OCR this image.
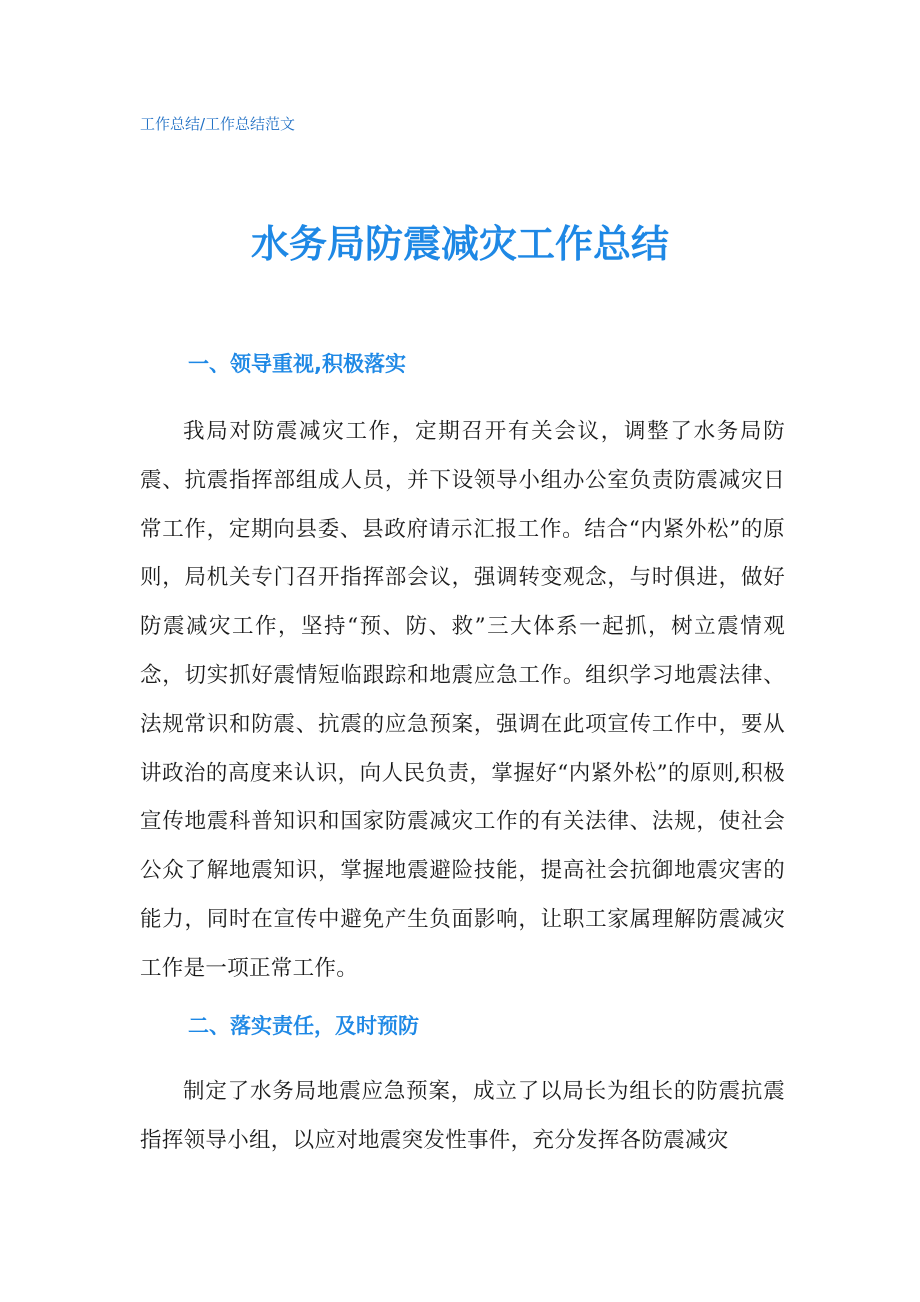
工作总结/工作总结范文
水务局防震减灾工作总结
一、领导重视,积极落实

我局对防震减灾工作，定期召开有关会议，调整了水务局防震、抗震指挥部组成人员，并下设领导小组办公室负责防震减灾日常工作，定期向县委、县政府请示汇报工作。结合“内紧外松”的原则，局机关专门召开指挥部会议，强调转变观念，与时俱进，做好防震减灾工作，坚持“预、防、救”三大体系一起抓，树立震情观念，切实抓好震情短临跟踪和地震应急工作。组织学习地震法律、法规常识和防震、抗震的应急预案，强调在此项宣传工作中，要从讲政治的高度来认识，向人民负责，掌握好“内紧外松”的原则,积极宣传地震科普知识和国家防震减灾工作的有关法律、法规，使社会公众了解地震知识，掌握地震避险技能，提高社会抗御地震灾害的能力，同时在宣传中避免产生负面影响，让职工家属理解防震减灾工作是一项正常工作。

二、落实责任，及时预防

制定了水务局地震应急预案，成立了以局长为组长的防震抗震指挥领导小组，以应对地震突发性事件，充分发挥各防震减灾
